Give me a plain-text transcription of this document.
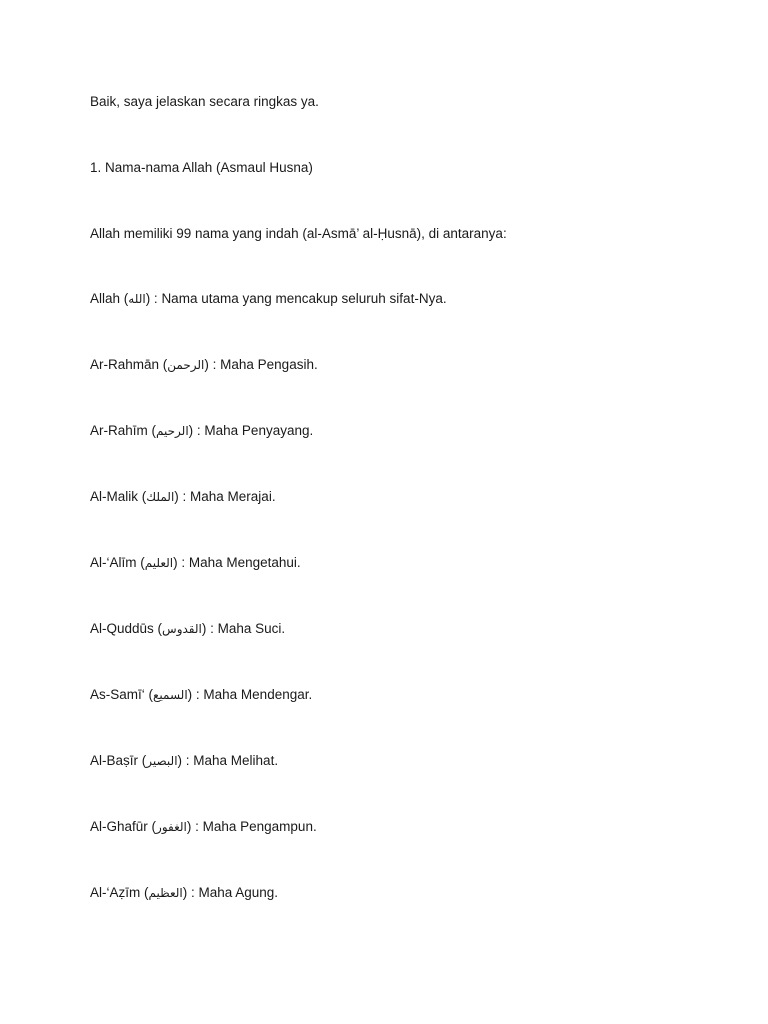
Baik, saya jelaskan secara ringkas ya.

1. Nama-nama Allah (Asmaul Husna)

Allah memiliki 99 nama yang indah (al-Asmā’ al-Ḥusnā), di antaranya:

Allah (الله) : Nama utama yang mencakup seluruh sifat-Nya.

Ar-Rahmān (الرحمن) : Maha Pengasih.

Ar-Rahīm (الرحيم) : Maha Penyayang.

Al-Malik (الملك) : Maha Merajai.

Al-‘Alīm (العليم) : Maha Mengetahui.

Al-Quddūs (القدوس) : Maha Suci.

As-Samī‘ (السميع) : Maha Mendengar.

Al-Baṣīr (البصير) : Maha Melihat.

Al-Ghafūr (الغفور) : Maha Pengampun.

Al-‘Aẓīm (العظيم) : Maha Agung.
